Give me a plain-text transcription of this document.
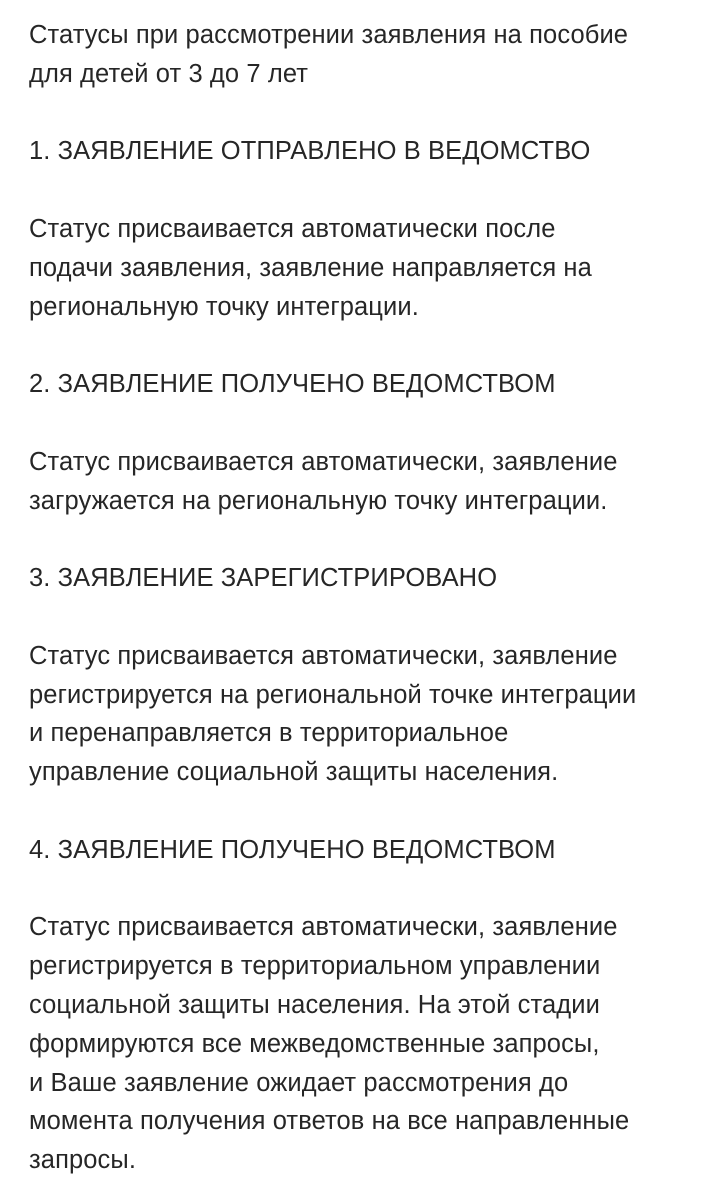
Статусы при рассмотрении заявления на пособие
для детей от 3 до 7 лет

1. ЗАЯВЛЕНИЕ ОТПРАВЛЕНО В ВЕДОМСТВО

Статус присваивается автоматически после
подачи заявления, заявление направляется на
региональную точку интеграции.

2. ЗАЯВЛЕНИЕ ПОЛУЧЕНО ВЕДОМСТВОМ

Статус присваивается автоматически, заявление
загружается на региональную точку интеграции.

3. ЗАЯВЛЕНИЕ ЗАРЕГИСТРИРОВАНО

Статус присваивается автоматически, заявление
регистрируется на региональной точке интеграции
и перенаправляется в территориальное
управление социальной защиты населения.

4. ЗАЯВЛЕНИЕ ПОЛУЧЕНО ВЕДОМСТВОМ

Статус присваивается автоматически, заявление
регистрируется в территориальном управлении
социальной защиты населения. На этой стадии
формируются все межведомственные запросы,
и Ваше заявление ожидает рассмотрения до
момента получения ответов на все направленные
запросы.
